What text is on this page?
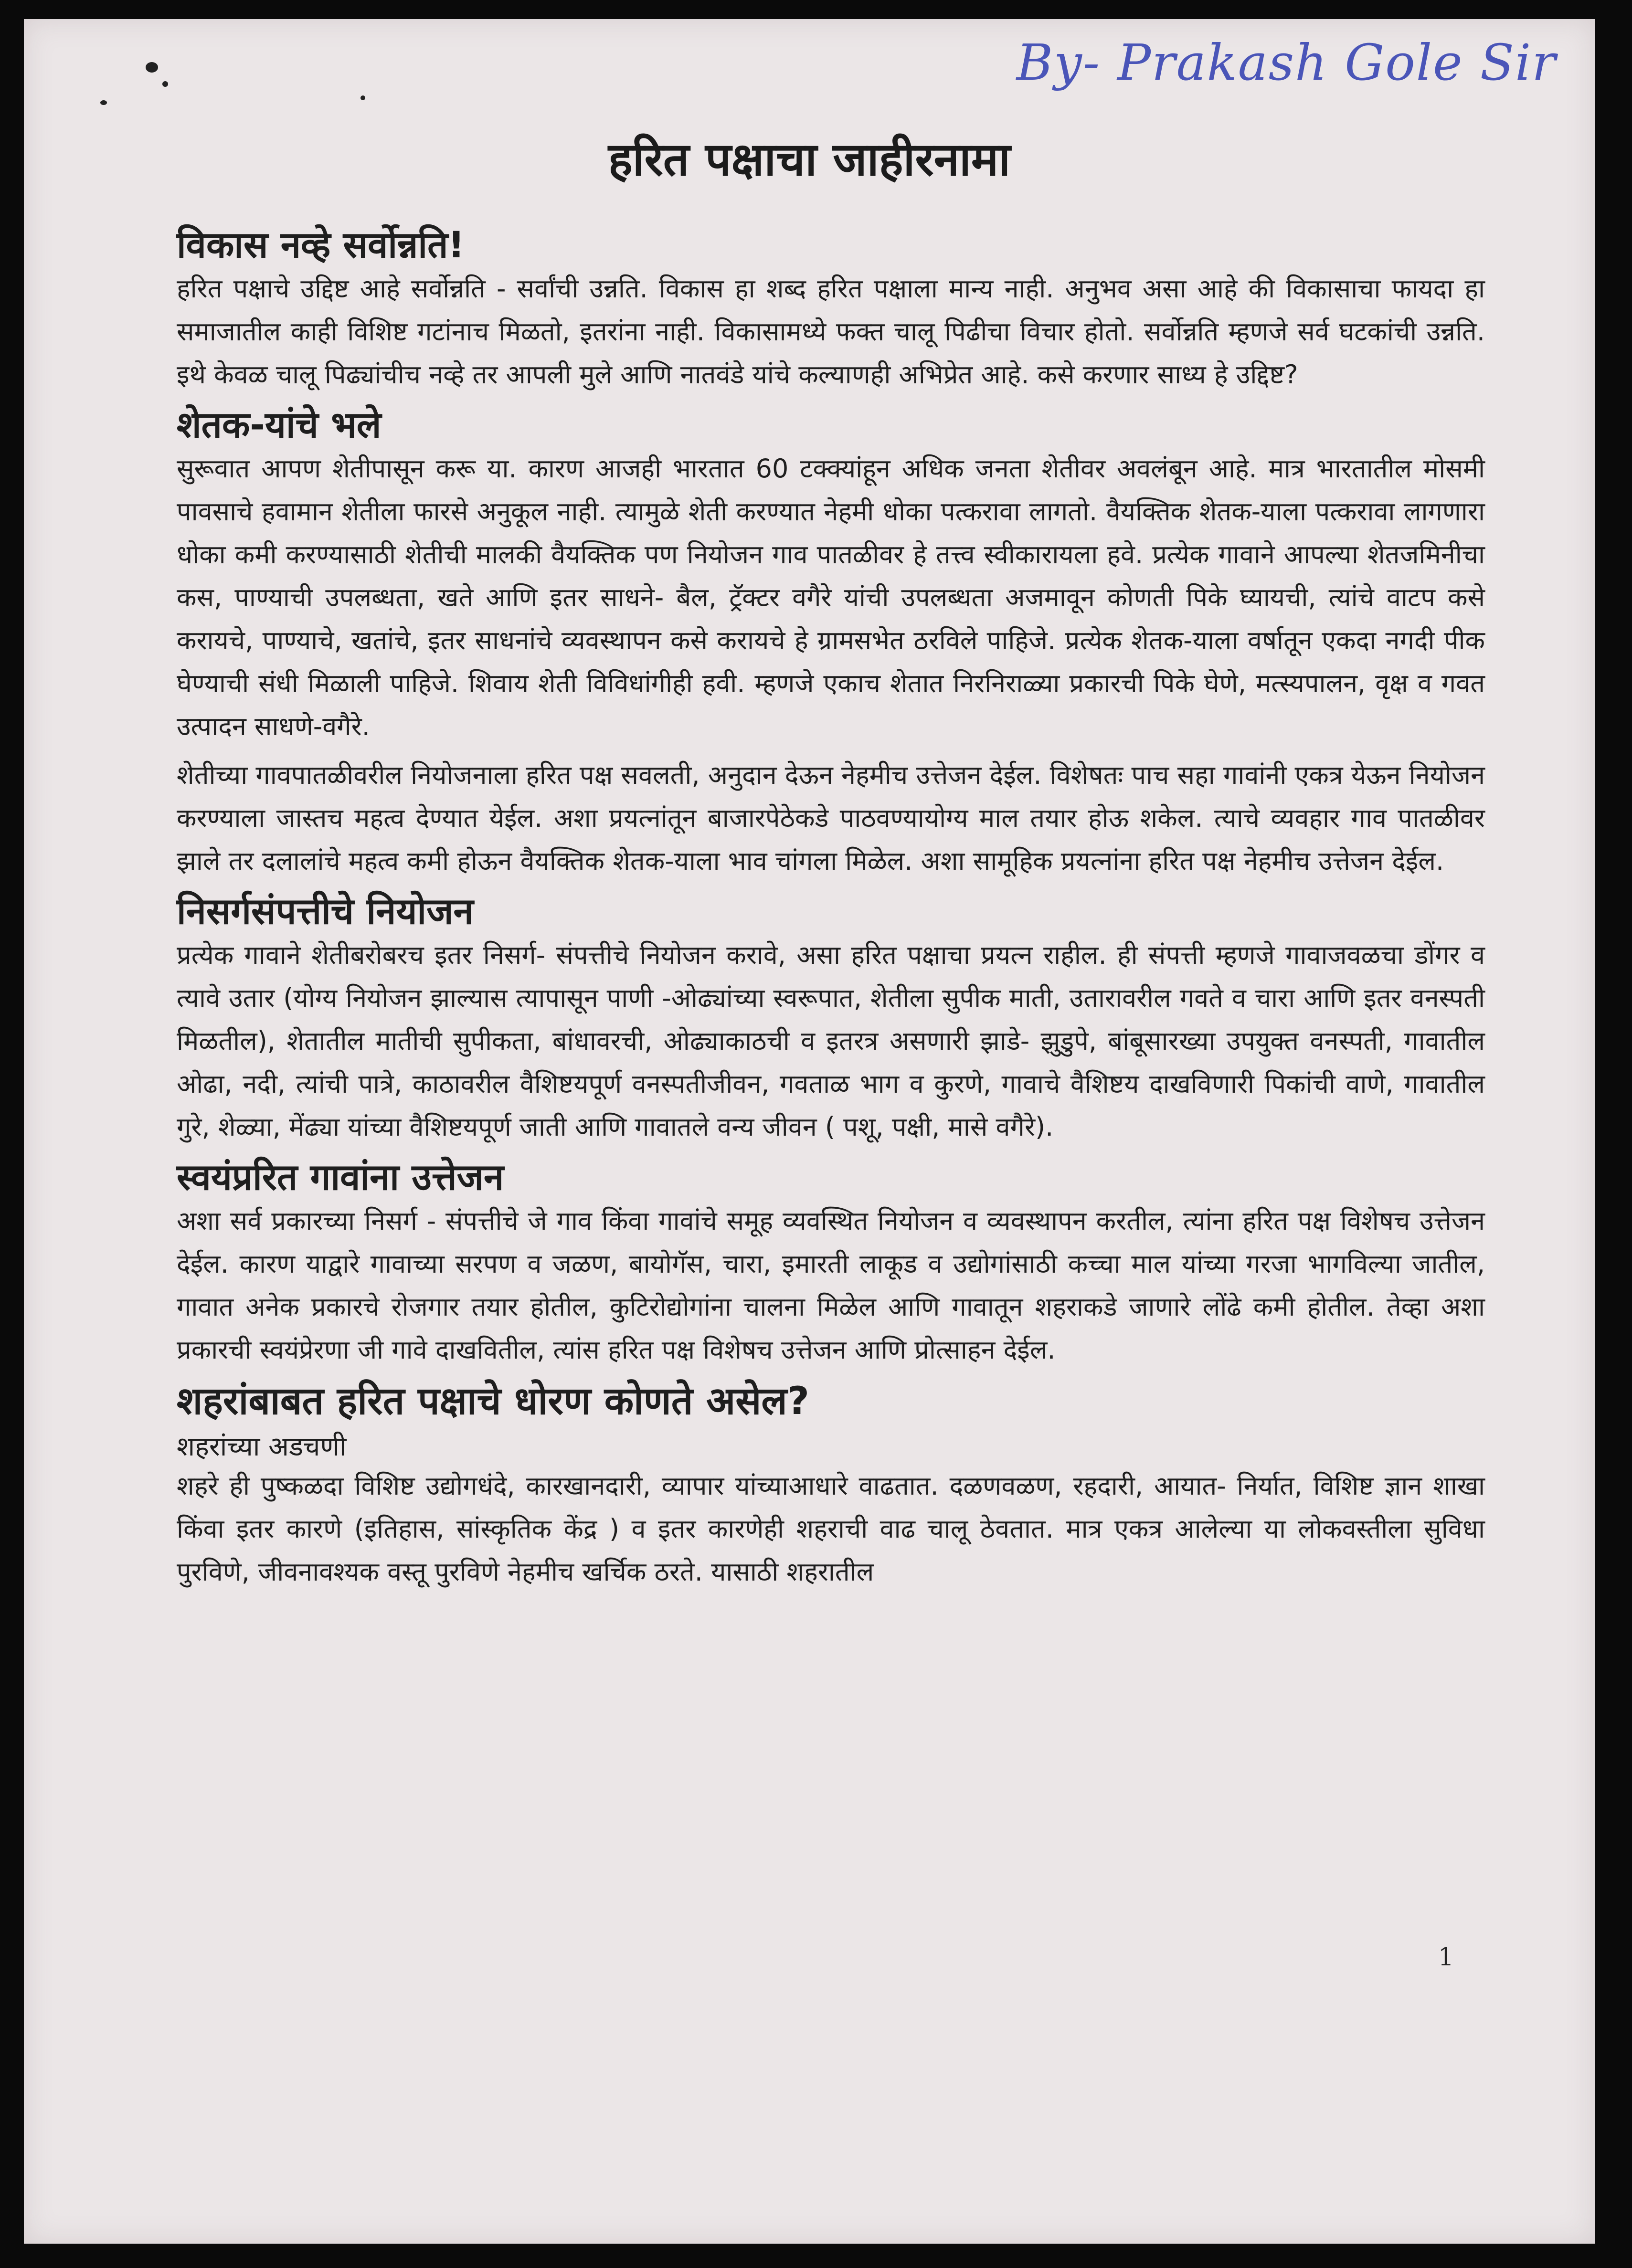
By- Prakash Gole Sir
हरित पक्षाचा जाहीरनामा
विकास नव्हे सर्वोन्नति!

हरित पक्षाचे उद्दिष्ट आहे सर्वोन्नति - सर्वांची उन्नति. विकास हा शब्द हरित पक्षाला मान्य नाही. अनुभव असा आहे की विकासाचा फायदा हा समाजातील काही विशिष्ट गटांनाच मिळतो, इतरांना नाही. विकासामध्ये फक्त चालू पिढीचा विचार होतो. सर्वोन्नति म्हणजे सर्व घटकांची उन्नति. इथे केवळ चालू पिढ्यांचीच नव्हे तर आपली मुले आणि नातवंडे यांचे कल्याणही अभिप्रेत आहे. कसे करणार साध्य हे उद्दिष्ट?

शेतक-यांचे भले

सुरूवात आपण शेतीपासून करू या. कारण आजही भारतात 60 टक्क्यांहून अधिक जनता शेतीवर अवलंबून आहे. मात्र भारतातील मोसमी पावसाचे हवामान शेतीला फारसे अनुकूल नाही. त्यामुळे शेती करण्यात नेहमी धोका पत्करावा लागतो. वैयक्तिक शेतक-याला पत्करावा लागणारा धोका कमी करण्यासाठी शेतीची मालकी वैयक्तिक पण नियोजन गाव पातळीवर हे तत्त्व स्वीकारायला हवे. प्रत्येक गावाने आपल्या शेतजमिनीचा कस, पाण्याची उपलब्धता, खते आणि इतर साधने- बैल, ट्रॅक्टर वगैरे यांची उपलब्धता अजमावून कोणती पिके घ्यायची, त्यांचे वाटप कसे करायचे, पाण्याचे, खतांचे, इतर साधनांचे व्यवस्थापन कसे करायचे हे ग्रामसभेत ठरविले पाहिजे. प्रत्येक शेतक-याला वर्षातून एकदा नगदी पीक घेण्याची संधी मिळाली पाहिजे. शिवाय शेती विविधांगीही हवी. म्हणजे एकाच शेतात निरनिराळ्या प्रकारची पिके घेणे, मत्स्यपालन, वृक्ष व गवत उत्पादन साधणे-वगैरे.

शेतीच्या गावपातळीवरील नियोजनाला हरित पक्ष सवलती, अनुदान देऊन नेहमीच उत्तेजन देईल. विशेषतः पाच सहा गावांनी एकत्र येऊन नियोजन करण्याला जास्तच महत्व देण्यात येईल. अशा प्रयत्नांतून बाजारपेठेकडे पाठवण्यायोग्य माल तयार होऊ शकेल. त्याचे व्यवहार गाव पातळीवर झाले तर दलालांचे महत्व कमी होऊन वैयक्तिक शेतक-याला भाव चांगला मिळेल. अशा सामूहिक प्रयत्नांना हरित पक्ष नेहमीच उत्तेजन देईल.

निसर्गसंपत्तीचे नियोजन

प्रत्येक गावाने शेतीबरोबरच इतर निसर्ग- संपत्तीचे नियोजन करावे, असा हरित पक्षाचा प्रयत्न राहील. ही संपत्ती म्हणजे गावाजवळचा डोंगर व त्यावे उतार (योग्य नियोजन झाल्यास त्यापासून पाणी -ओढ्यांच्या स्वरूपात, शेतीला सुपीक माती, उतारावरील गवते व चारा आणि इतर वनस्पती मिळतील), शेतातील मातीची सुपीकता, बांधावरची, ओढ्याकाठची व इतरत्र असणारी झाडे- झुडुपे, बांबूसारख्या उपयुक्त वनस्पती, गावातील ओढा, नदी, त्यांची पात्रे, काठावरील वैशिष्टयपूर्ण वनस्पतीजीवन, गवताळ भाग व कुरणे, गावाचे वैशिष्टय दाखविणारी पिकांची वाणे, गावातील गुरे, शेळ्या, मेंढ्या यांच्या वैशिष्टयपूर्ण जाती आणि गावातले वन्य जीवन ( पशू, पक्षी, मासे वगैरे).

स्वयंप्ररित गावांना उत्तेजन

अशा सर्व प्रकारच्या निसर्ग - संपत्तीचे जे गाव किंवा गावांचे समूह व्यवस्थित नियोजन व व्यवस्थापन करतील, त्यांना हरित पक्ष विशेषच उत्तेजन देईल. कारण याद्वारे गावाच्या सरपण व जळण, बायोगॅस, चारा, इमारती लाकूड व उद्योगांसाठी कच्चा माल यांच्या गरजा भागविल्या जातील, गावात अनेक प्रकारचे रोजगार तयार होतील, कुटिरोद्योगांना चालना मिळेल आणि गावातून शहराकडे जाणारे लोंढे कमी होतील. तेव्हा अशा प्रकारची स्वयंप्रेरणा जी गावे दाखवितील, त्यांस हरित पक्ष विशेषच उत्तेजन आणि प्रोत्साहन देईल.

शहरांबाबत हरित पक्षाचे धोरण कोणते असेल?
शहरांच्या अडचणी

शहरे ही पुष्कळदा विशिष्ट उद्योगधंदे, कारखानदारी, व्यापार यांच्याआधारे वाढतात. दळणवळण, रहदारी, आयात- निर्यात, विशिष्ट ज्ञान शाखा किंवा इतर कारणे (इतिहास, सांस्कृतिक केंद्र ) व इतर कारणेही शहराची वाढ चालू ठेवतात. मात्र एकत्र आलेल्या या लोकवस्तीला सुविधा पुरविणे, जीवनावश्यक वस्तू पुरविणे नेहमीच खर्चिक ठरते. यासाठी शहरातील

1
